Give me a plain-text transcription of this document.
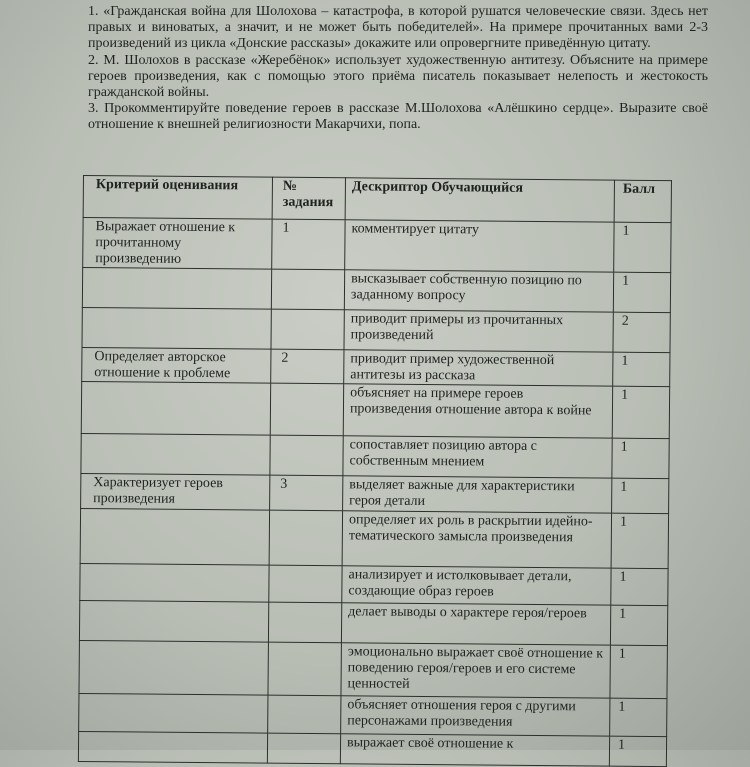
1. «Гражданская война для Шолохова – катастрофа, в которой рушатся человеческие связи. Здесь нет правых и виноватых, а значит, и не может быть победителей». На примере прочитанных вами 2-3 произведений из цикла «Донские рассказы» докажите или опровергните приведённую цитату.

2. М. Шолохов в рассказе «Жеребёнок» использует художественную антитезу. Объясните на примере героев произведения, как с помощью этого приёма писатель показывает нелепость и жестокость гражданской войны.

3. Прокомментируйте поведение героев в рассказе М.Шолохова «Алёшкино сердце». Выразите своё отношение к внешней религиозности Макарчихи, попа.

Критерий оценивания	№ задания	Дескриптор Обучающийся	Балл
Выражает отношение к прочитанному произведению	1	комментирует цитату	1
		высказывает собственную позицию по заданному вопросу	1
		приводит примеры из прочитанных произведений	2
Определяет авторское отношение к проблеме	2	приводит пример художественной антитезы из рассказа	1
		объясняет на примере героев произведения отношение автора к войне	1
		сопоставляет позицию автора с собственным мнением	1
Характеризует героев произведения	3	выделяет важные для характеристики героя детали	1
		определяет их роль в раскрытии идейно-тематического замысла произведения	1
		анализирует и истолковывает детали, создающие образ героев	1
		делает выводы о характере героя/героев	1
		эмоционально выражает своё отношение к поведению героя/героев и его системе ценностей	1
		объясняет отношения героя с другими персонажами произведения	1
		выражает своё отношение к	1
